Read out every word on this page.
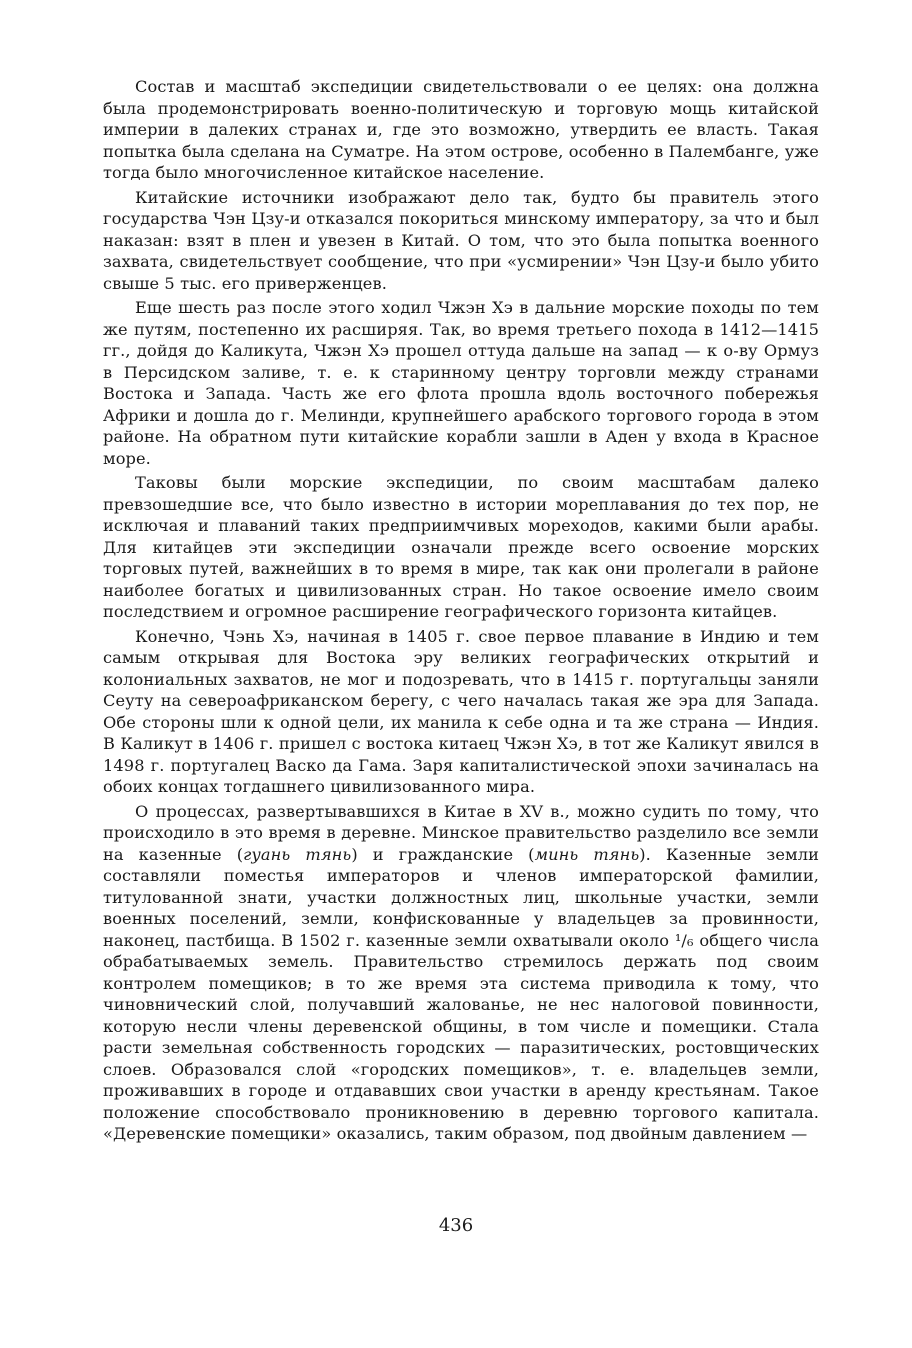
Состав и масштаб экспедиции свидетельствовали о ее целях: она должна была продемонстрировать военно-политическую и торговую мощь китайской империи в далеких странах и, где это возможно, утвердить ее власть. Такая попытка была сделана на Суматре. На этом острове, особенно в Палембанге, уже тогда было многочисленное китайское население.

Китайские источники изображают дело так, будто бы правитель этого государства Чэн Цзу-и отказался покориться минскому императору, за что и был наказан: взят в плен и увезен в Китай. О том, что это была попытка военного захвата, свидетельствует сообщение, что при «усмирении» Чэн Цзу-и было убито свыше 5 тыс. его приверженцев.

Еще шесть раз после этого ходил Чжэн Хэ в дальние морские походы по тем же путям, постепенно их расширяя. Так, во время третьего похода в 1412—1415 гг., дойдя до Каликута, Чжэн Хэ прошел оттуда дальше на запад — к о-ву Ормуз в Персидском заливе, т. е. к старинному центру торговли между странами Востока и Запада. Часть же его флота прошла вдоль восточного побережья Африки и дошла до г. Мелинди, крупнейшего арабского торгового города в этом районе. На обратном пути китайские корабли зашли в Аден у входа в Красное море.

Таковы были морские экспедиции, по своим масштабам далеко превзошедшие все, что было известно в истории мореплавания до тех пор, не исключая и плаваний таких предприимчивых мореходов, какими были арабы. Для китайцев эти экспедиции означали прежде всего освоение морских торговых путей, важнейших в то время в мире, так как они пролегали в районе наиболее богатых и цивилизованных стран. Но такое освоение имело своим последствием и огромное расширение географического горизонта китайцев.

Конечно, Чэнь Хэ, начиная в 1405 г. свое первое плавание в Индию и тем самым открывая для Востока эру великих географических открытий и колониальных захватов, не мог и подозревать, что в 1415 г. португальцы заняли Сеуту на североафриканском берегу, с чего началась такая же эра для Запада. Обе стороны шли к одной цели, их манила к себе одна и та же страна — Индия. В Каликут в 1406 г. пришел с востока китаец Чжэн Хэ, в тот же Каликут явился в 1498 г. португалец Васко да Гама. Заря капиталистической эпохи зачиналась на обоих концах тогдашнего цивилизованного мира.

О процессах, развертывавшихся в Китае в XV в., можно судить по тому, что происходило в это время в деревне. Минское правительство разделило все земли на казенные (гуань тянь) и гражданские (минь тянь). Казенные земли составляли поместья императоров и членов императорской фамилии, титулованной знати, участки должностных лиц, школьные участки, земли военных поселений, земли, конфискованные у владельцев за провинности, наконец, пастбища. В 1502 г. казенные земли охватывали около ¹/₆ общего числа обрабатываемых земель. Правительство стремилось держать под своим контролем помещиков; в то же время эта система приводила к тому, что чиновнический слой, получавший жалованье, не нес налоговой повинности, которую несли члены деревенской общины, в том числе и помещики. Стала расти земельная собственность городских — паразитических, ростовщических слоев. Образовался слой «городских помещиков», т. е. владельцев земли, проживавших в городе и отдававших свои участки в аренду крестьянам. Такое положение способствовало проникновению в деревню торгового капитала. «Деревенские помещики» оказались, таким образом, под двойным давлением —

436
